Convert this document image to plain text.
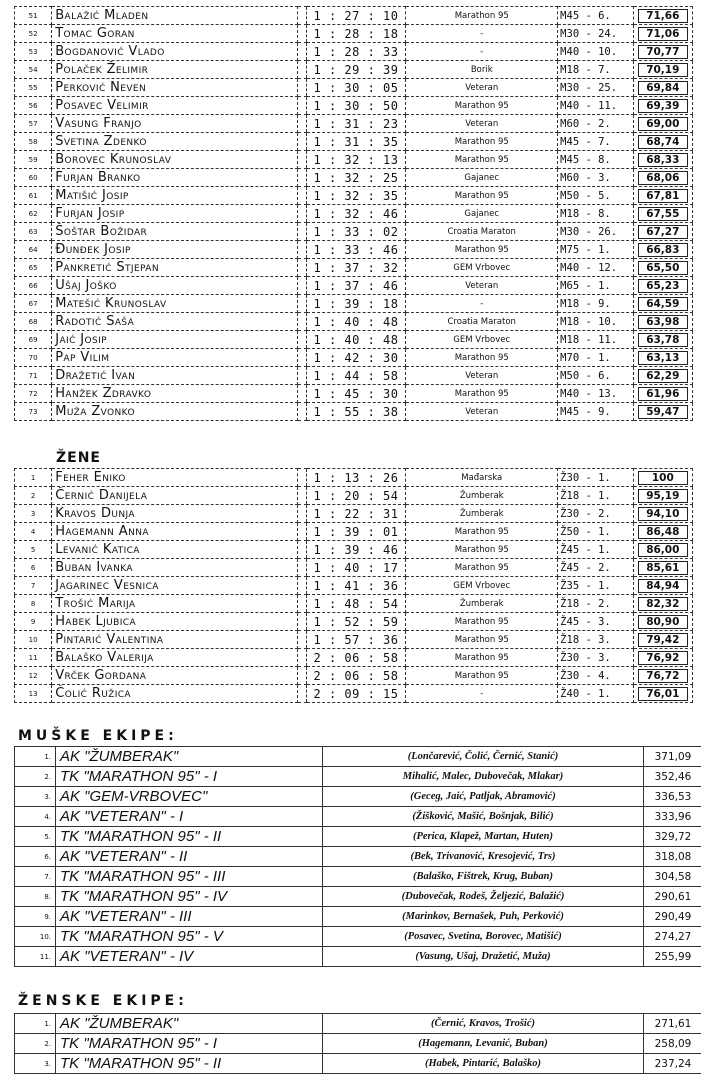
51	Balažić Mladen		1 : 27 : 10	Marathon 95	M45 - 6.	71,66
52	Tomac Goran		1 : 28 : 18	-	M30 - 24.	71,06
53	Bogdanović Vlado		1 : 28 : 33	-	M40 - 10.	70,77
54	Polaček Želimir		1 : 29 : 39	Borik	M18 - 7.	70,19
55	Perković Neven		1 : 30 : 05	Veteran	M30 - 25.	69,84
56	Posavec Velimir		1 : 30 : 50	Marathon 95	M40 - 11.	69,39
57	Vasung Franjo		1 : 31 : 23	Veteran	M60 - 2.	69,00
58	Svetina Zdenko		1 : 31 : 35	Marathon 95	M45 - 7.	68,74
59	Borovec Krunoslav		1 : 32 : 13	Marathon 95	M45 - 8.	68,33
60	Furjan Branko		1 : 32 : 25	Gajanec	M60 - 3.	68,06
61	Matišić Josip		1 : 32 : 35	Marathon 95	M50 - 5.	67,81
62	Furjan Josip		1 : 32 : 46	Gajanec	M18 - 8.	67,55
63	Šoštar Božidar		1 : 33 : 02	Croatia Maraton	M30 - 26.	67,27
64	Đunđek Josip		1 : 33 : 46	Marathon 95	M75 - 1.	66,83
65	Pankretić Stjepan		1 : 37 : 32	GEM Vrbovec	M40 - 12.	65,50
66	Ušaj Joško		1 : 37 : 46	Veteran	M65 - 1.	65,23
67	Matešić Krunoslav		1 : 39 : 18	-	M18 - 9.	64,59
68	Radotić Saša		1 : 40 : 48	Croatia Maraton	M18 - 10.	63,98
69	Jaić Josip		1 : 40 : 48	GEM Vrbovec	M18 - 11.	63,78
70	Pap Vilim		1 : 42 : 30	Marathon 95	M70 - 1.	63,13
71	Dražetić Ivan		1 : 44 : 58	Veteran	M50 - 6.	62,29
72	Hanžek Zdravko		1 : 45 : 30	Marathon 95	M40 - 13.	61,96
73	Muža Zvonko		1 : 55 : 38	Veteran	M45 - 9.	59,47
ŽENE
1	Feher Eniko		1 : 13 : 26	Mađarska	Ž30 - 1.	100
2	Černić Danijela		1 : 20 : 54	Žumberak	Ž18 - 1.	95,19
3	Kravos Dunja		1 : 22 : 31	Žumberak	Ž30 - 2.	94,10
4	Hagemann Anna		1 : 39 : 01	Marathon 95	Ž50 - 1.	86,48
5	Levanić Katica		1 : 39 : 46	Marathon 95	Ž45 - 1.	86,00
6	Buban Ivanka		1 : 40 : 17	Marathon 95	Ž45 - 2.	85,61
7	Jagarinec Vesnica		1 : 41 : 36	GEM Vrbovec	Ž35 - 1.	84,94
8	Trošić Marija		1 : 48 : 54	Žumberak	Ž18 - 2.	82,32
9	Habek Ljubica		1 : 52 : 59	Marathon 95	Ž45 - 3.	80,90
10	Pintarić Valentina		1 : 57 : 36	Marathon 95	Ž18 - 3.	79,42
11	Balaško Valerija		2 : 06 : 58	Marathon 95	Ž30 - 3.	76,92
12	Vrček Gordana		2 : 06 : 58	Marathon 95	Ž30 - 4.	76,72
13	Čolić Ružica		2 : 09 : 15	-	Ž40 - 1.	76,01
MUŠKE EKIPE:
1.	AK "ŽUMBERAK"	(Lončarević, Čolić, Černić, Stanić)	371,09
2.	TK "MARATHON 95" - I	Mihalić, Malec, Dubovečak, Mlakar)	352,46
3.	AK "GEM-VRBOVEC"	(Geceg, Jaić, Patljak, Abramović)	336,53
4.	AK "VETERAN" - I	(Žišković, Mašić, Bošnjak, Bilić)	333,96
5.	TK "MARATHON 95" - II	(Perica, Klapež, Martan, Huten)	329,72
6.	AK "VETERAN" - II	(Bek, Trivanović, Kresojević, Trs)	318,08
7.	TK "MARATHON 95" - III	(Balaško, Fištrek, Krug, Buban)	304,58
8.	TK "MARATHON 95" - IV	(Dubovečak, Rodeš, Željezić, Balažić)	290,61
9.	AK "VETERAN" - III	(Marinkov, Bernašek, Puh, Perković)	290,49
10.	TK "MARATHON 95" - V	(Posavec, Svetina, Borovec, Matišić)	274,27
11.	AK "VETERAN" - IV	(Vasung, Ušaj, Dražetić, Muža)	255,99
ŽENSKE EKIPE:
1.	AK "ŽUMBERAK"	(Černić, Kravos, Trošić)	271,61
2.	TK "MARATHON 95" - I	(Hagemann, Levanić, Buban)	258,09
3.	TK "MARATHON 95" - II	(Habek, Pintarić, Balaško)	237,24
